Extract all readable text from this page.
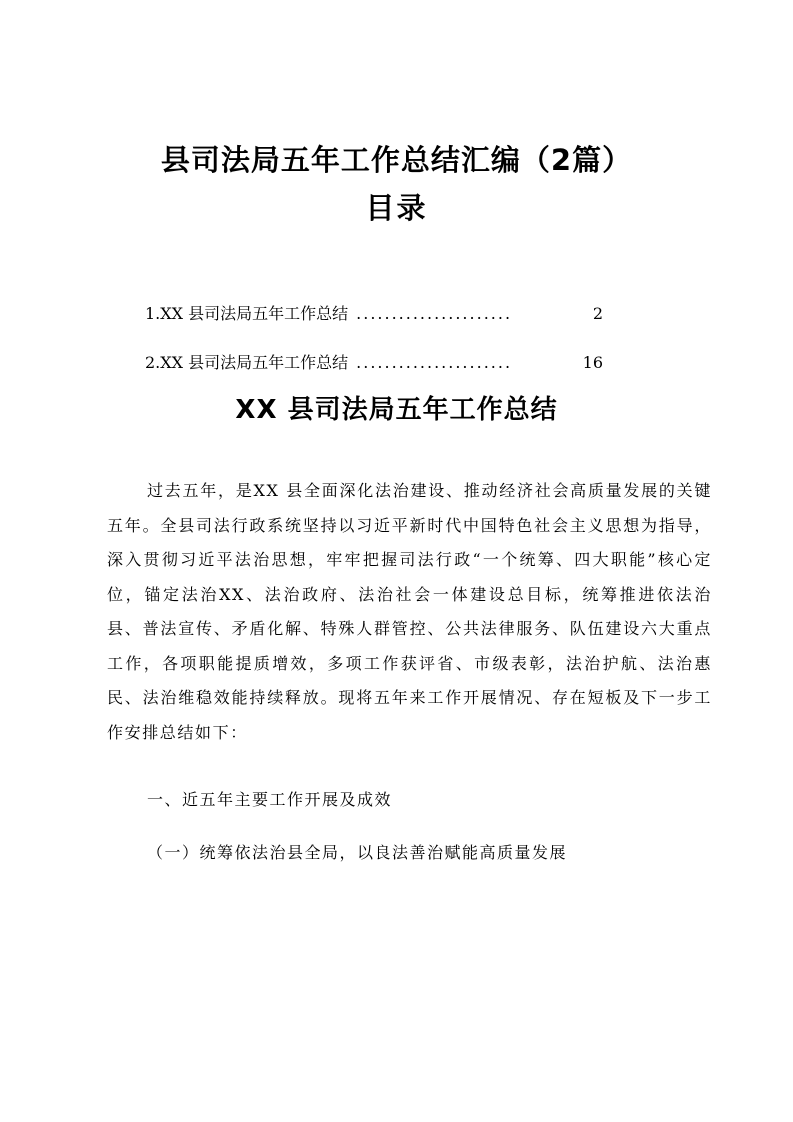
县司法局五年工作总结汇编（2篇）
目录
1.XX 县司法局五年工作总结 ......................	2
2.XX 县司法局五年工作总结 ......................	16
XX 县司法局五年工作总结

过去五年，是XX 县全面深化法治建设、推动经济社会高质量发展的关键五年。全县司法行政系统坚持以习近平新时代中国特色社会主义思想为指导，深入贯彻习近平法治思想，牢牢把握司法行政“一个统筹、四大职能”核心定位，锚定法治XX、法治政府、法治社会一体建设总目标，统筹推进依法治县、普法宣传、矛盾化解、特殊人群管控、公共法律服务、队伍建设六大重点工作，各项职能提质增效，多项工作获评省、市级表彰，法治护航、法治惠民、法治维稳效能持续释放。现将五年来工作开展情况、存在短板及下一步工作安排总结如下：

一、近五年主要工作开展及成效

（一）统筹依法治县全局，以良法善治赋能高质量发展
